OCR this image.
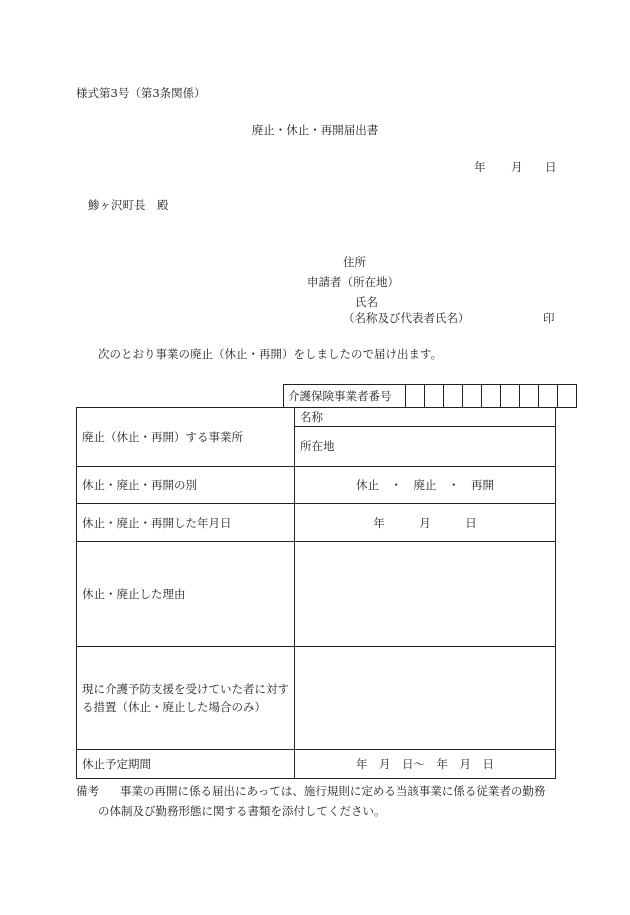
様式第3号（第3条関係）
廃止・休止・再開届出書
年 月 日
鯵ヶ沢町長　殿
住所
申請者（所在地）
氏名
（名称及び代表者氏名）	印
次のとおり事業の廃止（休止・再開）をしましたので届け出ます。
介護保険事業者番号									
廃止（休止・再開）する事業所	名称
所在地

休止・廃止・再開の別	休止　・　廃止　・　再開
休止・廃止・再開した年月日	年　　　月　　　日
休止・廃止した理由	
現に介護予防支援を受けていた者に対する措置（休止・廃止した場合のみ）	
休止予定期間	年　月　日〜　年　月　日
備考 事業の再開に係る届出にあっては、施行規則に定める当該事業に係る従業者の勤務
の体制及び勤務形態に関する書類を添付してください。
